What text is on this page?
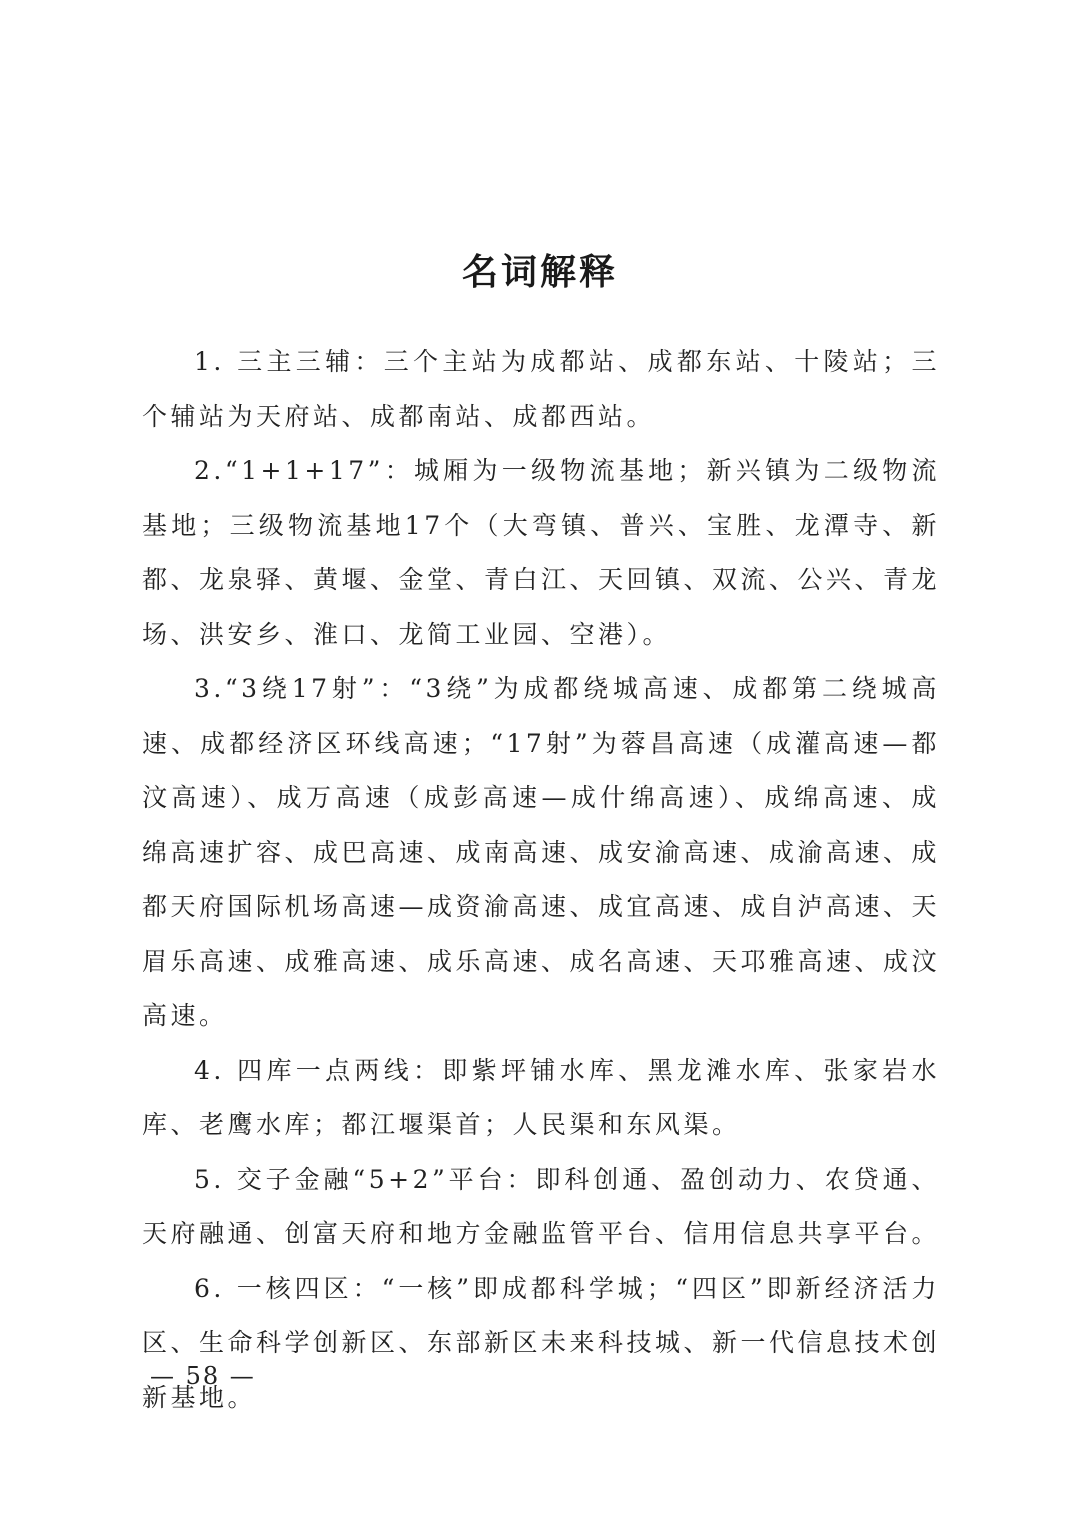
名词解释

1. 三主三辅：三个主站为成都站、成都东站、十陵站；三个辅站为天府站、成都南站、成都西站。

2.“1+1+17”：城厢为一级物流基地；新兴镇为二级物流基地；三级物流基地17个（大弯镇、普兴、宝胜、龙潭寺、新都、龙泉驿、黄堰、金堂、青白江、天回镇、双流、公兴、青龙场、洪安乡、淮口、龙简工业园、空港）。

3.“3绕17射”：“3绕”为成都绕城高速、成都第二绕城高速、成都经济区环线高速；“17射”为蓉昌高速（成灌高速—都汶高速）、成万高速（成彭高速—成什绵高速）、成绵高速、成绵高速扩容、成巴高速、成南高速、成安渝高速、成渝高速、成都天府国际机场高速—成资渝高速、成宜高速、成自泸高速、天眉乐高速、成雅高速、成乐高速、成名高速、天邛雅高速、成汶高速。

4. 四库一点两线：即紫坪铺水库、黑龙滩水库、张家岩水库、老鹰水库；都江堰渠首；人民渠和东风渠。

5. 交子金融“5+2”平台：即科创通、盈创动力、农贷通、天府融通、创富天府和地方金融监管平台、信用信息共享平台。

6. 一核四区：“一核”即成都科学城；“四区”即新经济活力区、生命科学创新区、东部新区未来科技城、新一代信息技术创新基地。

— 58 —
